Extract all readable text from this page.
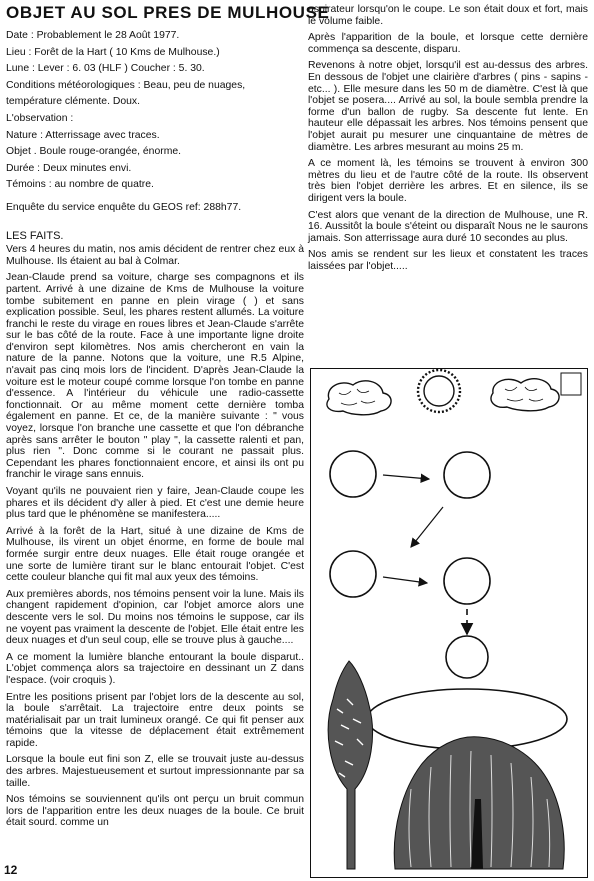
OBJET AU SOL PRES DE MULHOUSE

Date : Probablement le 28 Août 1977.

Lieu : Forêt de la Hart ( 10 Kms de Mulhouse.)

Lune : Lever : 6. 03 (HLF ) Coucher : 5. 30.

Conditions météorologiques : Beau, peu de nuages,

température clémente. Doux.

L'observation :

Nature : Atterrissage avec traces.

Objet . Boule rouge-orangée, énorme.

Durée : Deux minutes envi.

Témoins : au nombre de quatre.

Enquête du service enquête du GEOS ref: 288h77.

LES FAITS.

Vers 4 heures du matin, nos amis décident de rentrer chez eux à Mulhouse. Ils étaient au bal à Colmar.

Jean-Claude prend sa voiture, charge ses compagnons et ils partent. Arrivé à une dizaine de Kms de Mulhouse la voiture tombe subitement en panne en plein virage ( ) et sans explication possible. Seul, les phares restent allumés. La voiture franchi le reste du virage en roues libres et Jean-Claude s'arrête sur le bas côté de la route. Face à une importante ligne droite d'environ sept kilomètres. Nos amis chercheront en vain la nature de la panne. Notons que la voiture, une R.5 Alpine, n'avait pas cinq mois lors de l'incident. D'après Jean-Claude la voiture est le moteur coupé comme lorsque l'on tombe en panne d'essence. A l'intérieur du véhicule une radio-cassette fonctionnait. Or au même moment cette dernière tomba également en panne. Et ce, de la manière suivante : " vous voyez, lorsque l'on branche une cassette et que l'on débranche après sans arrêter le bouton " play ", la cassette ralenti et pan, plus rien ". Donc comme si le courant ne passait plus. Cependant les phares fonctionnaient encore, et ainsi ils ont pu franchir le virage sans ennuis.

Voyant qu'ils ne pouvaient rien y faire, Jean-Claude coupe les phares et ils décident d'y aller à pied. Et c'est une demie heure plus tard que le phénomène se manifestera.....

Arrivé à la forêt de la Hart, situé à une dizaine de Kms de Mulhouse, ils virent un objet énorme, en forme de boule mal formée surgir entre deux nuages. Elle était rouge orangée et une sorte de lumière tirant sur le blanc entourait l'objet. C'est cette couleur blanche qui fit mal aux yeux des témoins.

Aux premières abords, nos témoins pensent voir la lune. Mais ils changent rapidement d'opinion, car l'objet amorce alors une descente vers le sol. Du moins nos témoins le suppose, car ils ne voyent pas vraiment la descente de l'objet. Elle était entre les deux nuages et d'un seul coup, elle se trouve plus à gauche....

A ce moment la lumière blanche entourant la boule disparut.. L'objet commença alors sa trajectoire en dessinant un Z dans l'espace. (voir croquis ).

Entre les positions prisent par l'objet lors de la descente au sol, la boule s'arrêtait. La trajectoire entre deux points se matérialisait par un trait lumineux orangé. Ce qui fit penser aux témoins que la vitesse de déplacement était extrêmement rapide.

Lorsque la boule eut fini son Z, elle se trouvait juste au-dessus des arbres. Majestueusement et surtout impressionnante par sa taille.

Nos témoins se souviennent qu'ils ont perçu un bruit commun lors de l'apparition entre les deux nuages de la boule. Ce bruit était sourd. comme un

aspirateur lorsqu'on le coupe. Le son était doux et fort, mais le volume faible.

Après l'apparition de la boule, et lorsque cette dernière commença sa descente, disparu.

Revenons à notre objet, lorsqu'il est au-dessus des arbres. En dessous de l'objet une clairière d'arbres ( pins - sapins - etc... ). Elle mesure dans les 50 m de diamètre. C'est là que l'objet se posera.... Arrivé au sol, la boule sembla prendre la forme d'un ballon de rugby. Sa descente fut lente. En hauteur elle dépassait les arbres. Nos témoins pensent que l'objet aurait pu mesurer une cinquantaine de mètres de diamètre. Les arbres mesurant au moins 25 m.

A ce moment là, les témoins se trouvent à environ 300 mètres du lieu et de l'autre côté de la route. Ils observent très bien l'objet derrière les arbres. Et en silence, ils se dirigent vers la boule.

C'est alors que venant de la direction de Mulhouse, une R. 16. Aussitôt la boule s'éteint ou disparaît Nous ne le saurons jamais. Son atterrissage aura duré 10 secondes au plus.

Nos amis se rendent sur les lieux et constatent les traces laissées par l'objet.....

12
